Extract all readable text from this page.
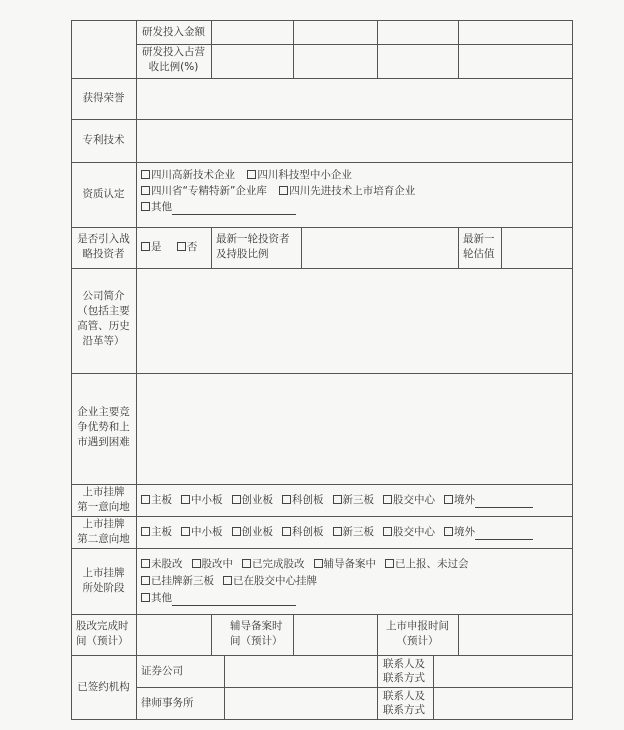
研发投入金额
研发投入占营
收比例(%)
获得荣誉
专利技术
资质认定
四川高新技术企业 四川科技型中小企业
四川省“专精特新”企业库 四川先进技术上市培育企业
其他
是否引入战
略投资者
是 否
最新一轮投资者
及持股比例
最新一
轮估值
公司简介
（包括主要
高管、历史
沿革等）
企业主要竞
争优势和上
市遇到困难
上市挂牌
第一意向地
主板 中小板 创业板 科创板 新三板 股交中心 境外
上市挂牌
第二意向地
主板 中小板 创业板 科创板 新三板 股交中心 境外
上市挂牌
所处阶段
未股改 股改中 已完成股改 辅导备案中 已上报、未过会
已挂牌新三板 已在股交中心挂牌
其他
股改完成时
间（预计）
辅导备案时
间（预计）
上市申报时间
（预计）
已签约机构
证券公司
律师事务所
联系人及
联系方式
联系人及
联系方式
